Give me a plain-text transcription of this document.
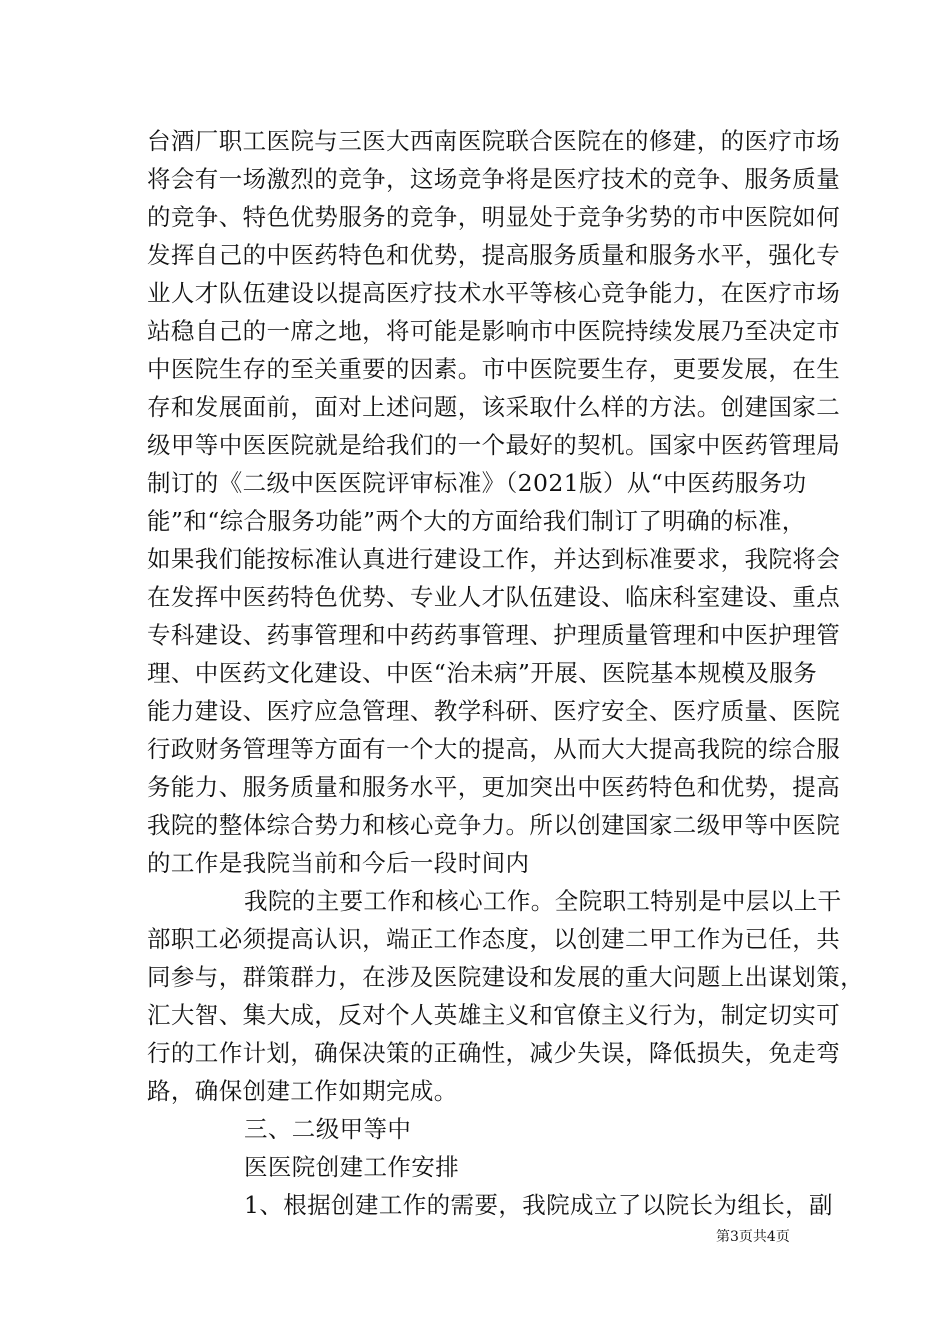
台酒厂职工医院与三医大西南医院联合医院在的修建，的医疗市场
将会有一场激烈的竞争，这场竞争将是医疗技术的竞争、服务质量
的竞争、特色优势服务的竞争，明显处于竞争劣势的市中医院如何
发挥自己的中医药特色和优势，提高服务质量和服务水平，强化专
业人才队伍建设以提高医疗技术水平等核心竞争能力，在医疗市场
站稳自己的一席之地，将可能是影响市中医院持续发展乃至决定市
中医院生存的至关重要的因素。市中医院要生存，更要发展，在生
存和发展面前，面对上述问题，该采取什么样的方法。创建国家二
级甲等中医医院就是给我们的一个最好的契机。国家中医药管理局
制订的《二级中医医院评审标准》（2021版）从“中医药服务功
能”和“综合服务功能”两个大的方面给我们制订了明确的标准，
如果我们能按标准认真进行建设工作，并达到标准要求，我院将会
在发挥中医药特色优势、专业人才队伍建设、临床科室建设、重点
专科建设、药事管理和中药药事管理、护理质量管理和中医护理管
理、中医药文化建设、中医“治未病”开展、医院基本规模及服务
能力建设、医疗应急管理、教学科研、医疗安全、医疗质量、医院
行政财务管理等方面有一个大的提高，从而大大提高我院的综合服
务能力、服务质量和服务水平，更加突出中医药特色和优势，提高
我院的整体综合势力和核心竞争力。所以创建国家二级甲等中医院
的工作是我院当前和今后一段时间内
我院的主要工作和核心工作。全院职工特别是中层以上干
部职工必须提高认识，端正工作态度，以创建二甲工作为已任，共
同参与，群策群力，在涉及医院建设和发展的重大问题上出谋划策，
汇大智、集大成，反对个人英雄主义和官僚主义行为，制定切实可
行的工作计划，确保决策的正确性，减少失误，降低损失，免走弯
路，确保创建工作如期完成。
三、二级甲等中
医医院创建工作安排
1、根据创建工作的需要，我院成立了以院长为组长，副
第3页共4页
